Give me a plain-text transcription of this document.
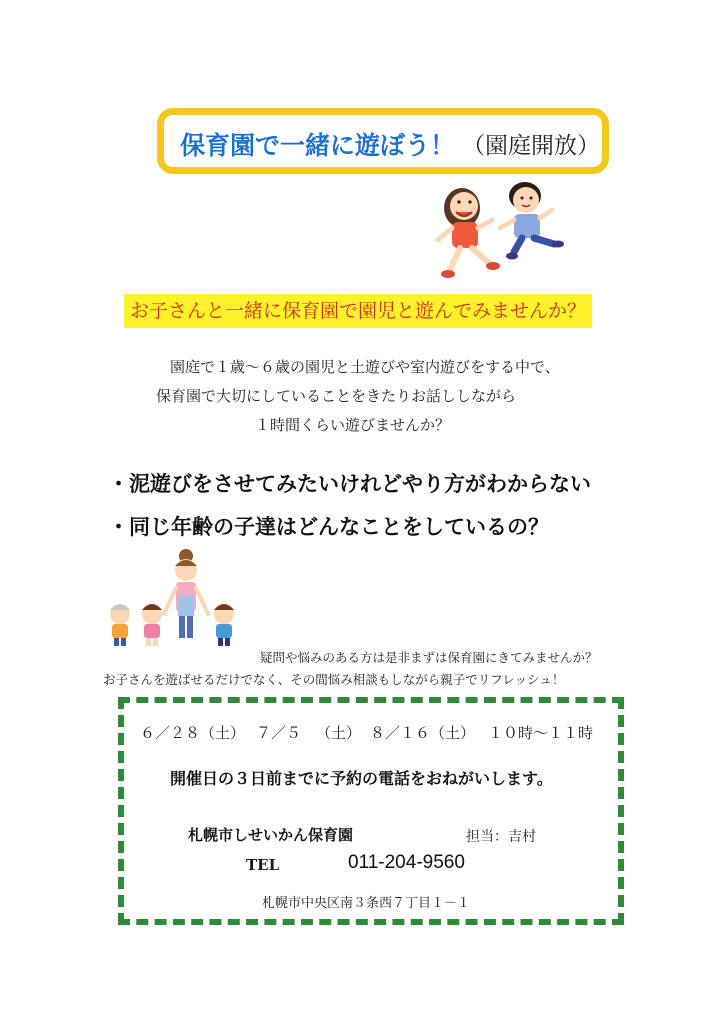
保育園で一緒に遊ぼう！ （園庭開放）
お子さんと一緒に保育園で園児と遊んでみませんか？
園庭で１歳～６歳の園児と土遊びや室内遊びをする中で、
保育園で大切にしていることをきたりお話ししながら
１時間くらい遊びませんか？
・泥遊びをさせてみたいけれどやり方がわからない
・同じ年齢の子達はどんなことをしているの？
疑問や悩みのある方は是非まずは保育園にきてみませんか？
お子さんを遊ばせるだけでなく、その間悩み相談もしながら親子でリフレッシュ！
６／２８（土） ７／５ （土） ８／１６（土） １０時～１１時
開催日の３日前までに予約の電話をおねがいします。
札幌市しせいかん保育園	担当：吉村
TEL	011-204-9560
札幌市中央区南３条西７丁目１－１
